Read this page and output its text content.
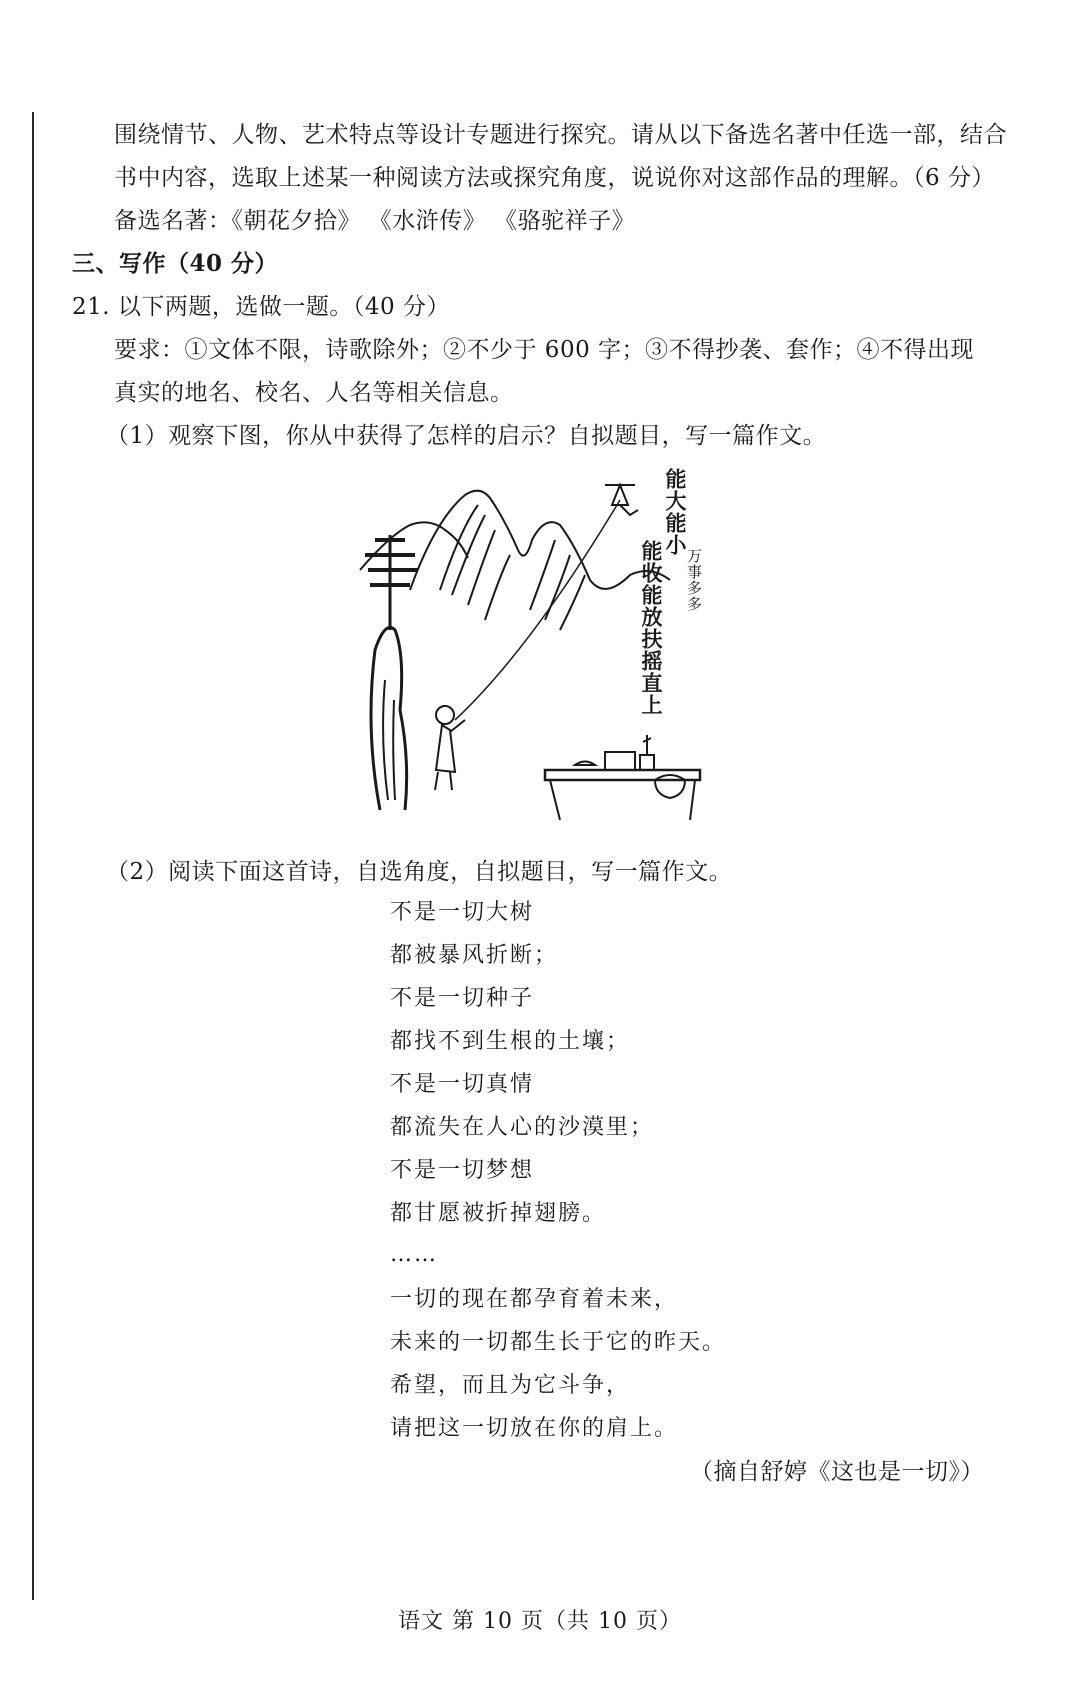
围绕情节、人物、艺术特点等设计专题进行探究。请从以下备选名著中任选一部，结合
书中内容，选取上述某一种阅读方法或探究角度，说说你对这部作品的理解。（6 分）
备选名著：《朝花夕拾》 《水浒传》 《骆驼祥子》
三、写作（40 分）
21. 以下两题，选做一题。（40 分）
要求：①文体不限，诗歌除外；②不少于 600 字；③不得抄袭、套作；④不得出现
真实的地名、校名、人名等相关信息。
（1）观察下图，你从中获得了怎样的启示？自拟题目，写一篇作文。
能大能小
万事多多
能收能放扶摇直上
（2）阅读下面这首诗，自选角度，自拟题目，写一篇作文。
不是一切大树
都被暴风折断；
不是一切种子
都找不到生根的土壤；
不是一切真情
都流失在人心的沙漠里；
不是一切梦想
都甘愿被折掉翅膀。
……
一切的现在都孕育着未来，
未来的一切都生长于它的昨天。
希望，而且为它斗争，
请把这一切放在你的肩上。
（摘自舒婷《这也是一切》）
语文 第 10 页（共 10 页）
